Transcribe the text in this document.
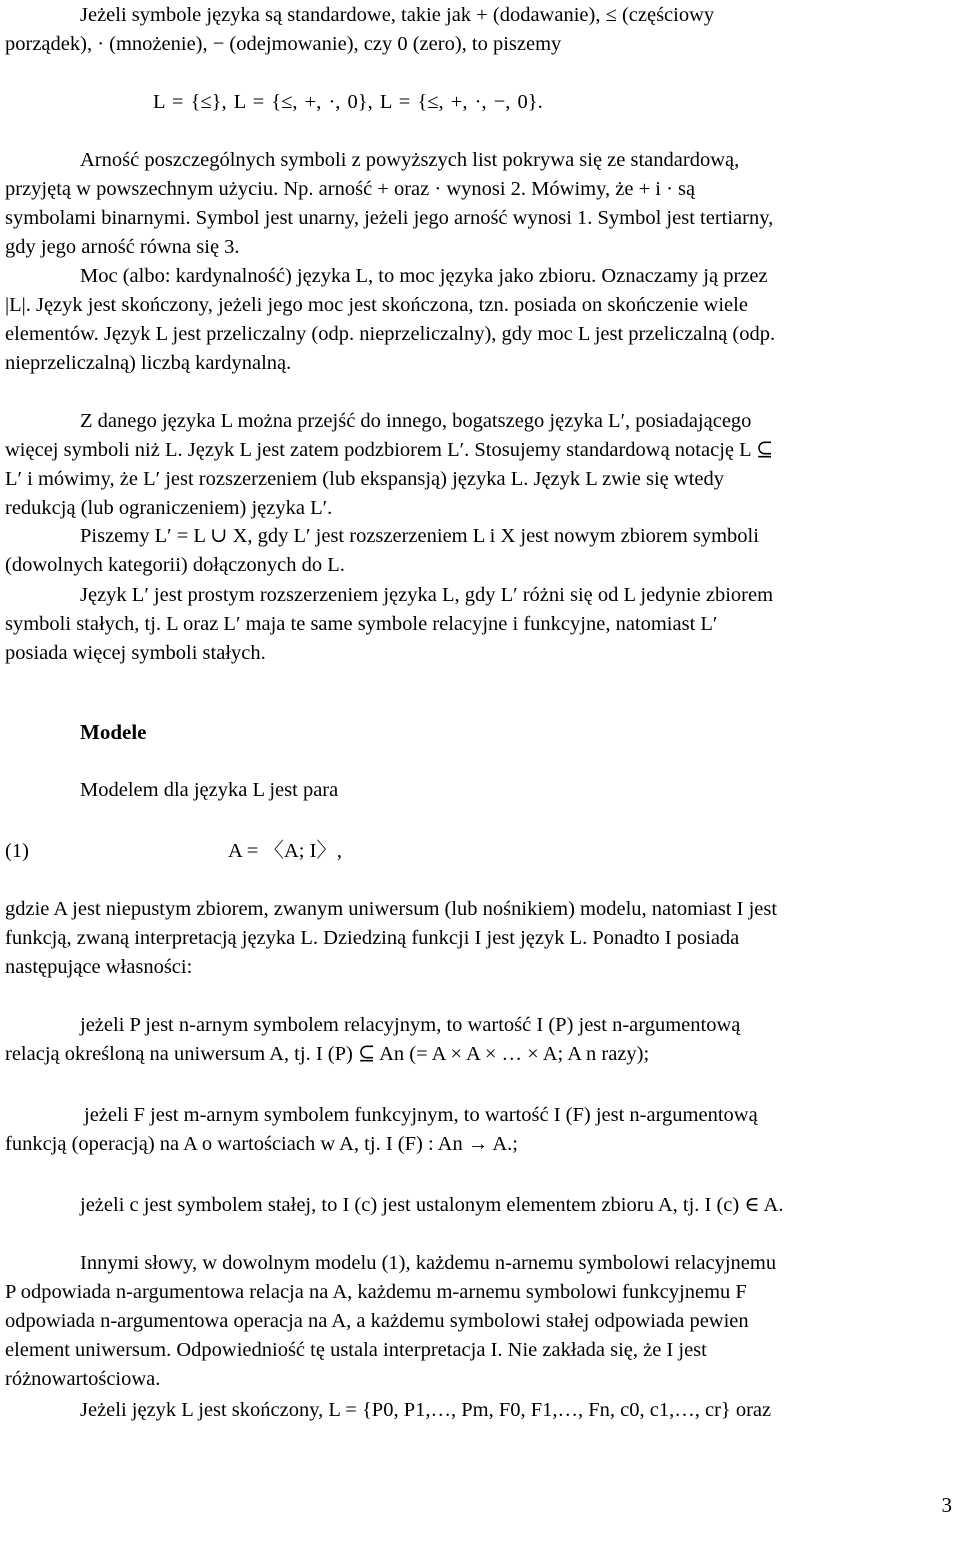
Jeżeli symbole języka są standardowe, takie jak + (dodawanie), ≤ (częściowy
porządek), · (mnożenie), − (odejmowanie), czy 0 (zero), to piszemy
L = {≤}, L = {≤, +, ·, 0}, L = {≤, +, ·, −, 0}.
Arność poszczególnych symboli z powyższych list pokrywa się ze standardową,
przyjętą w powszechnym użyciu. Np. arność + oraz · wynosi 2. Mówimy, że + i · są
symbolami binarnymi. Symbol jest unarny, jeżeli jego arność wynosi 1. Symbol jest tertiarny,
gdy jego arność równa się 3.
Moc (albo: kardynalność) języka L, to moc języka jako zbioru. Oznaczamy ją przez
|L|. Język jest skończony, jeżeli jego moc jest skończona, tzn. posiada on skończenie wiele
elementów. Język L jest przeliczalny (odp. nieprzeliczalny), gdy moc L jest przeliczalną (odp.
nieprzeliczalną) liczbą kardynalną.
Z danego języka L można przejść do innego, bogatszego języka L′, posiadającego
więcej symboli niż L. Język L jest zatem podzbiorem L′. Stosujemy standardową notację L ⊆
L′ i mówimy, że L′ jest rozszerzeniem (lub ekspansją) języka L. Język L zwie się wtedy
redukcją (lub ograniczeniem) języka L′.
Piszemy L′ = L ∪ X, gdy L′ jest rozszerzeniem L i X jest nowym zbiorem symboli
(dowolnych kategorii) dołączonych do L.
Język L′ jest prostym rozszerzeniem języka L, gdy L′ różni się od L jedynie zbiorem
symboli stałych, tj. L oraz L′ maja te same symbole relacyjne i funkcyjne, natomiast L′
posiada więcej symboli stałych.
Modele
Modelem dla języka L jest para
(1)	A = 〈A; I〉,
gdzie A jest niepustym zbiorem, zwanym uniwersum (lub nośnikiem) modelu, natomiast I jest
funkcją, zwaną interpretacją języka L. Dziedziną funkcji I jest język L. Ponadto I posiada
następujące własności:
jeżeli P jest n-arnym symbolem relacyjnym, to wartość I (P) jest n-argumentową
relacją określoną na uniwersum A, tj. I (P) ⊆ An (= A × A × … × A; A n razy);
jeżeli F jest m-arnym symbolem funkcyjnym, to wartość I (F) jest n-argumentową
funkcją (operacją) na A o wartościach w A, tj. I (F) : An → A.;
jeżeli c jest symbolem stałej, to I (c) jest ustalonym elementem zbioru A, tj. I (c) ∈ A.
Innymi słowy, w dowolnym modelu (1), każdemu n-arnemu symbolowi relacyjnemu
P odpowiada n-argumentowa relacja na A, każdemu m-arnemu symbolowi funkcyjnemu F
odpowiada n-argumentowa operacja na A, a każdemu symbolowi stałej odpowiada pewien
element uniwersum. Odpowiedniość tę ustala interpretacja I. Nie zakłada się, że I jest
różnowartościowa.
Jeżeli język L jest skończony, L = {P0, P1,…, Pm, F0, F1,…, Fn, c0, c1,…, cr} oraz
3
